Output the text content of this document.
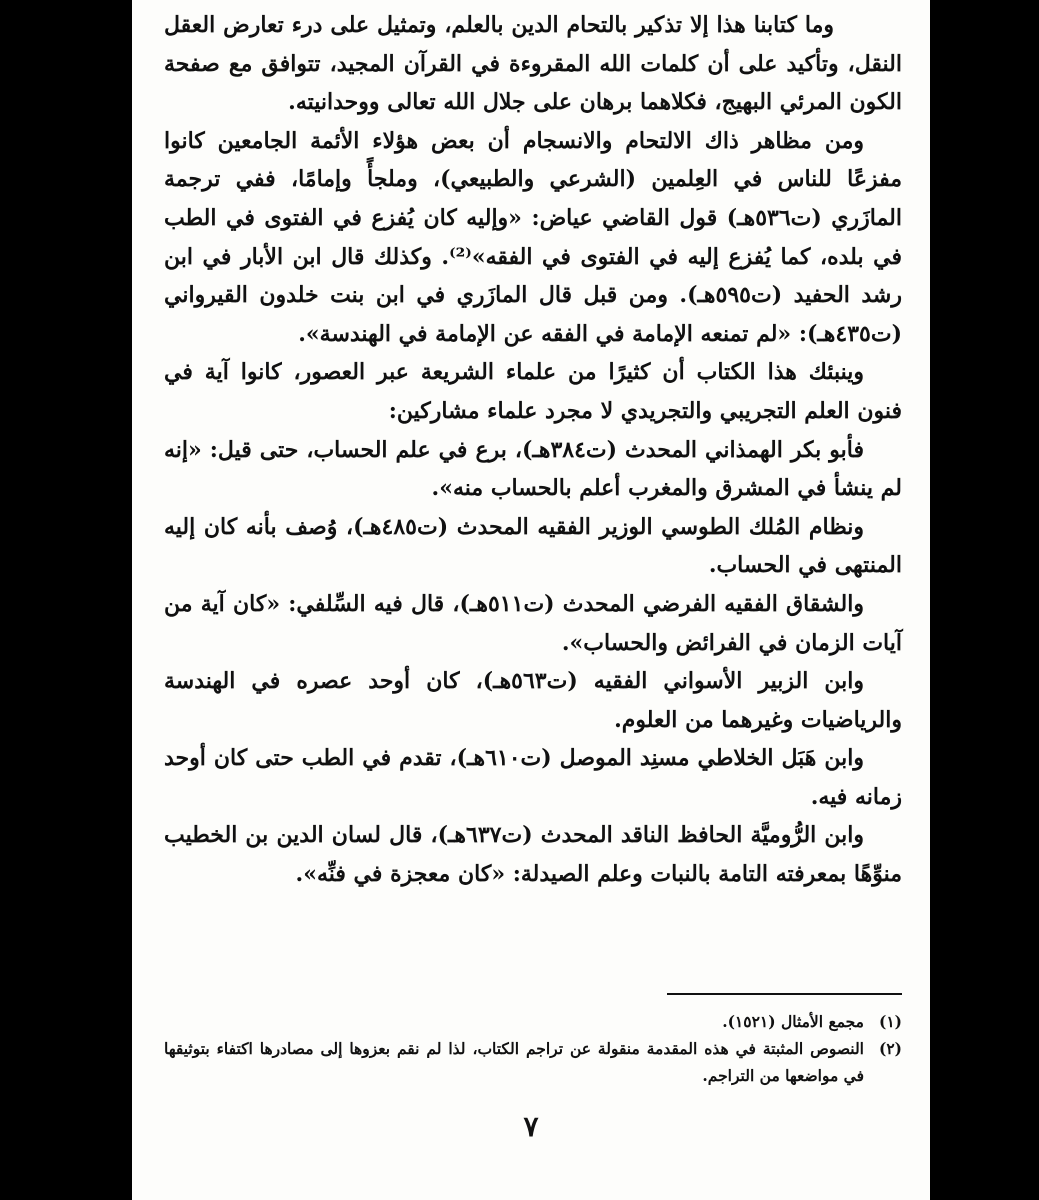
وما كتابنا هذا إلا تذكير بالتحام الدين بالعلم، وتمثيل على درء تعارض العقل النقل، وتأكيد على أن كلمات الله المقروءة في القرآن المجيد، تتوافق مع صفحة الكون المرئي البهيج، فكلاهما برهان على جلال الله تعالى ووحدانيته.

ومن مظاهر ذاك الالتحام والانسجام أن بعض هؤلاء الأئمة الجامعين كانوا مفزعًا للناس في العِلمين (الشرعي والطبيعي)، وملجأً وإمامًا، ففي ترجمة المازَري (ت٥٣٦هـ) قول القاضي عياض: «وإليه كان يُفزع في الفتوى في الطب في بلده، كما يُفزع إليه في الفتوى في الفقه»⁽²⁾. وكذلك قال ابن الأبار في ابن رشد الحفيد (ت٥٩٥هـ). ومن قبل قال المازَري في ابن بنت خلدون القيرواني (ت٤٣٥هـ): «لم تمنعه الإمامة في الفقه عن الإمامة في الهندسة».

وينبئك هذا الكتاب أن كثيرًا من علماء الشريعة عبر العصور، كانوا آية في فنون العلم التجريبي والتجريدي لا مجرد علماء مشاركين:

فأبو بكر الهمذاني المحدث (ت٣٨٤هـ)، برع في علم الحساب، حتى قيل: «إنه لم ينشأ في المشرق والمغرب أعلم بالحساب منه».

ونظام المُلك الطوسي الوزير الفقيه المحدث (ت٤٨٥هـ)، وُصف بأنه كان إليه المنتهى في الحساب.

والشقاق الفقيه الفرضي المحدث (ت٥١١هـ)، قال فيه السِّلفي: «كان آية من آيات الزمان في الفرائض والحساب».

وابن الزبير الأسواني الفقيه (ت٥٦٣هـ)، كان أوحد عصره في الهندسة والرياضيات وغيرهما من العلوم.

وابن هَبَل الخلاطي مسنِد الموصل (ت٦١٠هـ)، تقدم في الطب حتى كان أوحد زمانه فيه.

وابن الرُّوميَّة الحافظ الناقد المحدث (ت٦٣٧هـ)، قال لسان الدين بن الخطيب منوِّهًا بمعرفته التامة بالنبات وعلم الصيدلة: «كان معجزة في فنِّه».

(١)
مجمع الأمثال (١٥٢١).
(٢)
النصوص المثبتة في هذه المقدمة منقولة عن تراجم الكتاب، لذا لم نقم بعزوها إلى مصادرها اكتفاء بتوثيقها في مواضعها من التراجم.
٧
